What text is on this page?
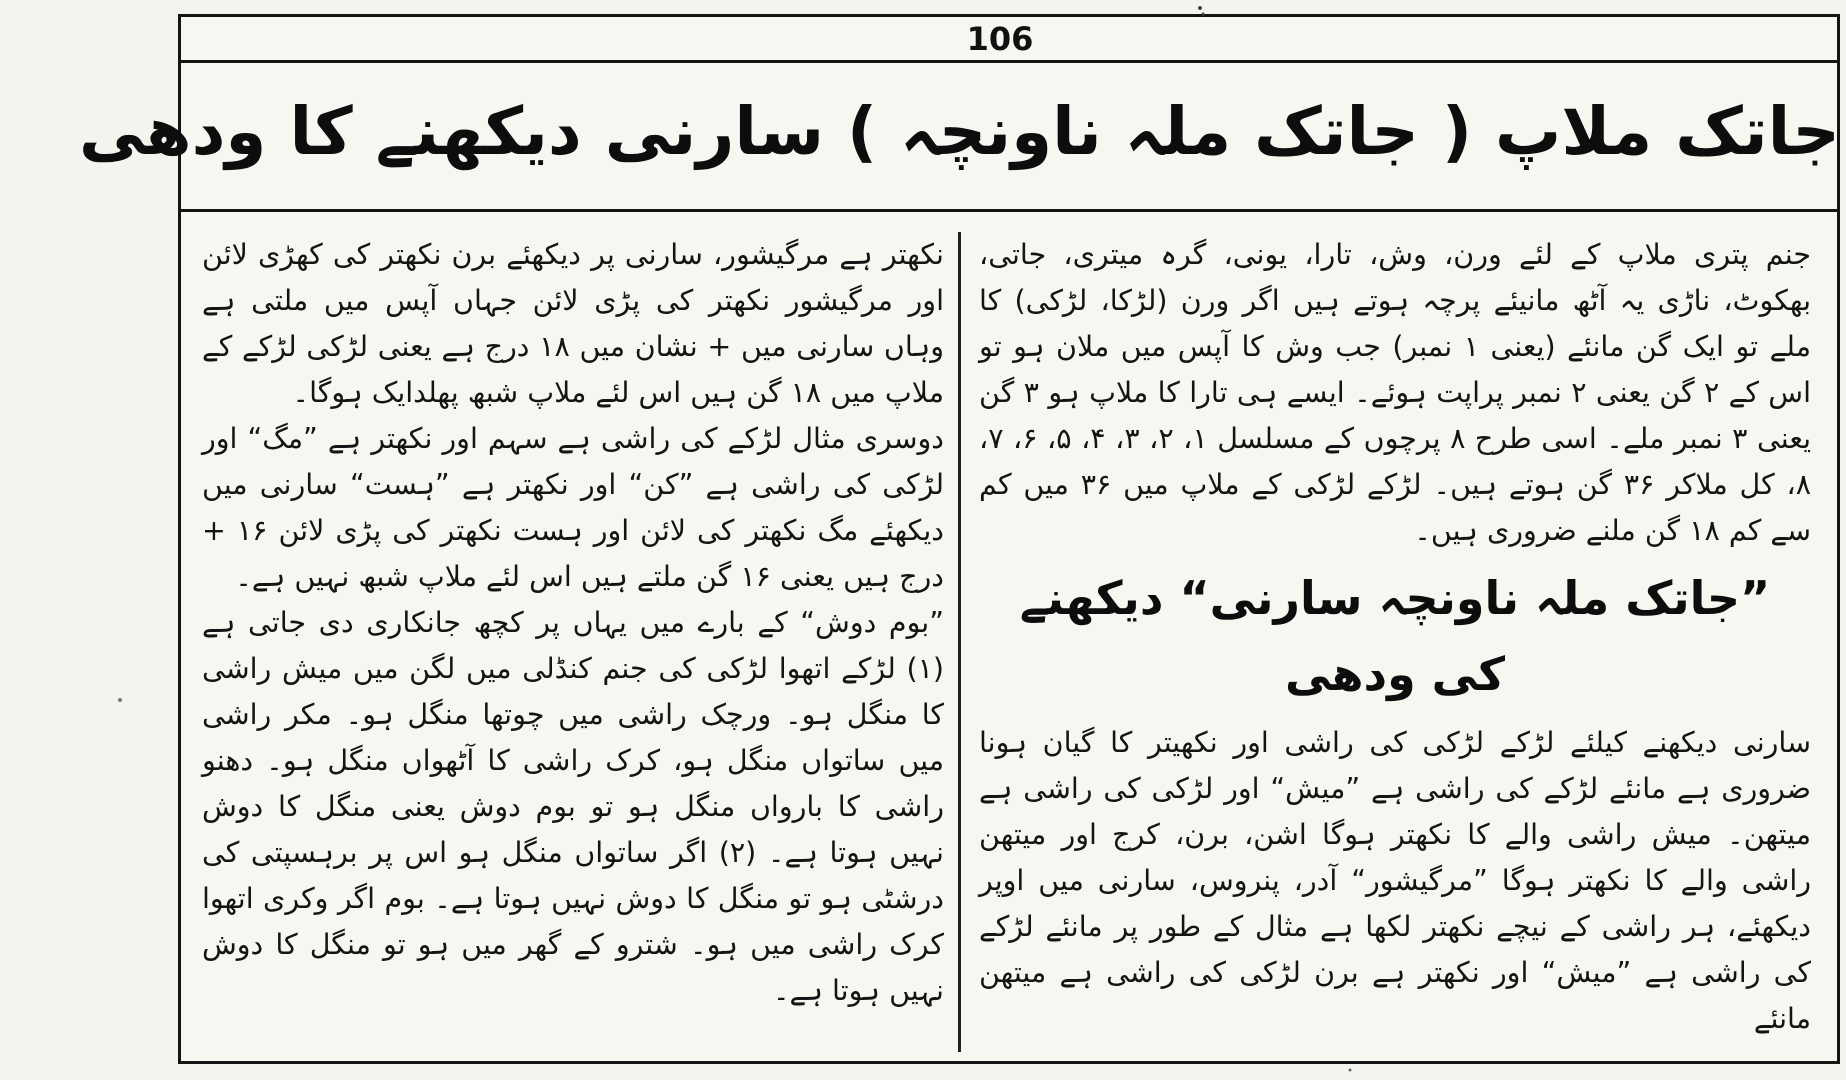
106
جاتک ملاپ ( جاتک ملہ ناونچہ ) سارنی دیکھنے کا ودھی

جنم پتری ملاپ کے لئے ورن، وش، تارا، یونی، گرہ میتری، جاتی، بھکوٹ، ناڑی یہ آٹھ مانیئے پرچہ ہوتے ہیں اگر ورن (لڑکا، لڑکی) کا ملے تو ایک گن مانئے (یعنی ۱ نمبر) جب وش کا آپس میں ملان ہو تو اس کے ۲ گن یعنی ۲ نمبر پراپت ہوئے۔ ایسے ہی تارا کا ملاپ ہو ۳ گن یعنی ۳ نمبر ملے۔ اسی طرح ۸ پرچوں کے مسلسل ۱، ۲، ۳، ۴، ۵، ۶، ۷، ۸، کل ملاکر ۳۶ گن ہوتے ہیں۔ لڑکے لڑکی کے ملاپ میں ۳۶ میں کم سے کم ۱۸ گن ملنے ضروری ہیں۔

”جاتک ملہ ناونچہ سارنی“ دیکھنے کی ودھی

سارنی دیکھنے کیلئے لڑکے لڑکی کی راشی اور نکھیتر کا گیان ہونا ضروری ہے مانئے لڑکے کی راشی ہے ”میش“ اور لڑکی کی راشی ہے میتھن۔ میش راشی والے کا نکھتر ہوگا اشن، برن، کرج اور میتھن راشی والے کا نکھتر ہوگا ”مرگیشور“ آدر، پنروس، سارنی میں اوپر دیکھئے، ہر راشی کے نیچے نکھتر لکھا ہے مثال کے طور پر مانئے لڑکے کی راشی ہے ”میش“ اور نکھتر ہے برن لڑکی کی راشی ہے میتھن مانئے

نکھتر ہے مرگیشور، سارنی پر دیکھئے برن نکھتر کی کھڑی لائن اور مرگیشور نکھتر کی پڑی لائن جہاں آپس میں ملتی ہے وہاں سارنی میں + نشان میں ۱۸ درج ہے یعنی لڑکی لڑکے کے ملاپ میں ۱۸ گن ہیں اس لئے ملاپ شبھ پھلدایک ہوگا۔

دوسری مثال لڑکے کی راشی ہے سہم اور نکھتر ہے ”مگ“ اور لڑکی کی راشی ہے ”کن“ اور نکھتر ہے ”ہست“ سارنی میں دیکھئے مگ نکھتر کی لائن اور ہست نکھتر کی پڑی لائن ۱۶ + درج ہیں یعنی ۱۶ گن ملتے ہیں اس لئے ملاپ شبھ نہیں ہے۔

”بوم دوش“ کے بارے میں یہاں پر کچھ جانکاری دی جاتی ہے (۱) لڑکے اتھوا لڑکی کی جنم کنڈلی میں لگن میں میش راشی کا منگل ہو۔ ورچک راشی میں چوتھا منگل ہو۔ مکر راشی میں ساتواں منگل ہو، کرک راشی کا آٹھواں منگل ہو۔ دھنو راشی کا بارواں منگل ہو تو بوم دوش یعنی منگل کا دوش نہیں ہوتا ہے۔ (۲) اگر ساتواں منگل ہو اس پر برہسپتی کی درشٹی ہو تو منگل کا دوش نہیں ہوتا ہے۔ بوم اگر وکری اتھوا کرک راشی میں ہو۔ شترو کے گھر میں ہو تو منگل کا دوش نہیں ہوتا ہے۔
